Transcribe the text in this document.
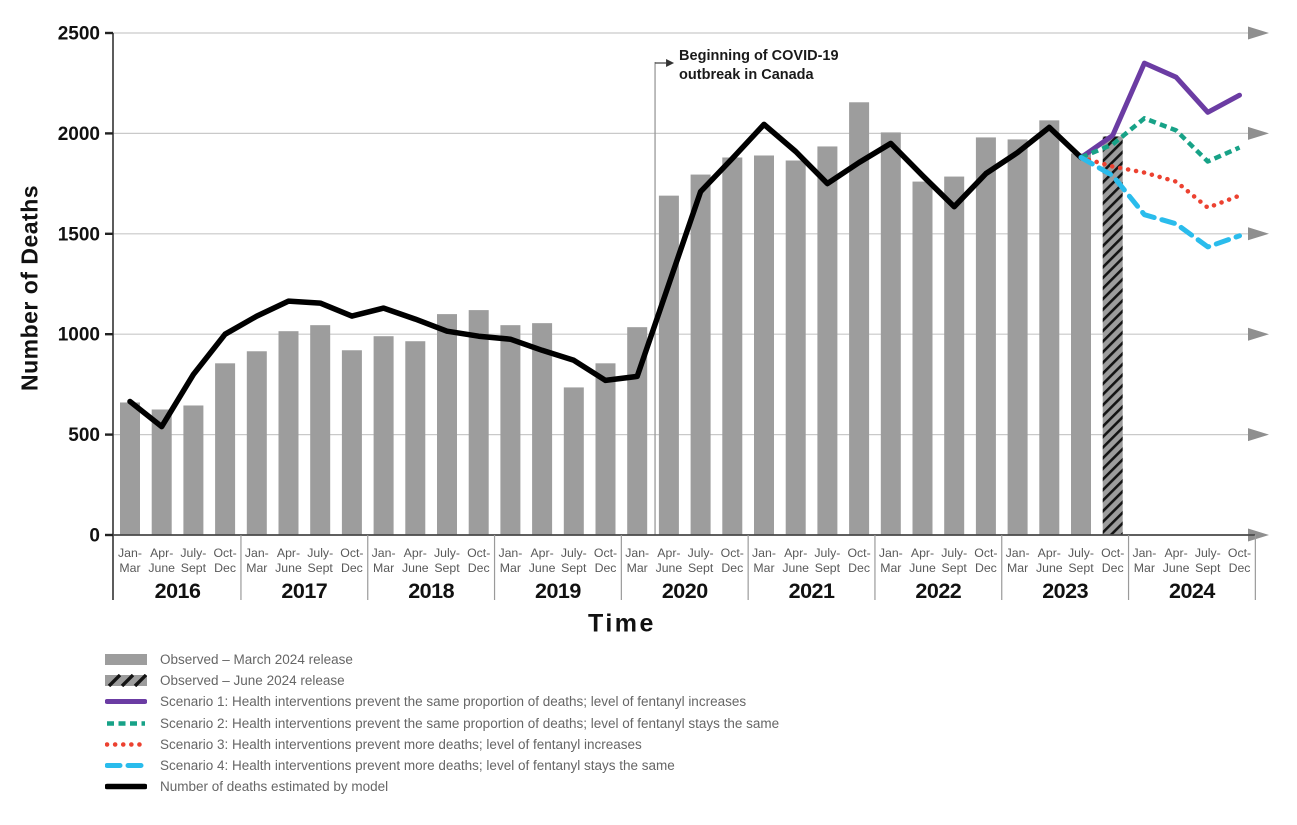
Number of Deaths
0
500
1000
1500
2000
2500
Jan-Mar
Apr-June
July-Sept
Oct-Dec
2016
Jan-Mar
Apr-June
July-Sept
Oct-Dec
2017
Jan-Mar
Apr-June
July-Sept
Oct-Dec
2018
Jan-Mar
Apr-June
July-Sept
Oct-Dec
2019
Jan-Mar
Apr-June
July-Sept
Oct-Dec
2020
Jan-Mar
Apr-June
July-Sept
Oct-Dec
2021
Jan-Mar
Apr-June
July-Sept
Oct-Dec
2022
Jan-Mar
Apr-June
July-Sept
Oct-Dec
2023
Jan-Mar
Apr-June
July-Sept
Oct-Dec
2024
Beginning of COVID-19
outbreak in Canada
Time
Observed – March 2024 release
Observed – June 2024 release
Scenario 1: Health interventions prevent the same proportion of deaths; level of fentanyl increases
Scenario 2: Health interventions prevent the same proportion of deaths; level of fentanyl stays the same
Scenario 3: Health interventions prevent more deaths; level of fentanyl increases
Scenario 4: Health interventions prevent more deaths; level of fentanyl stays the same
Number of deaths estimated by model
